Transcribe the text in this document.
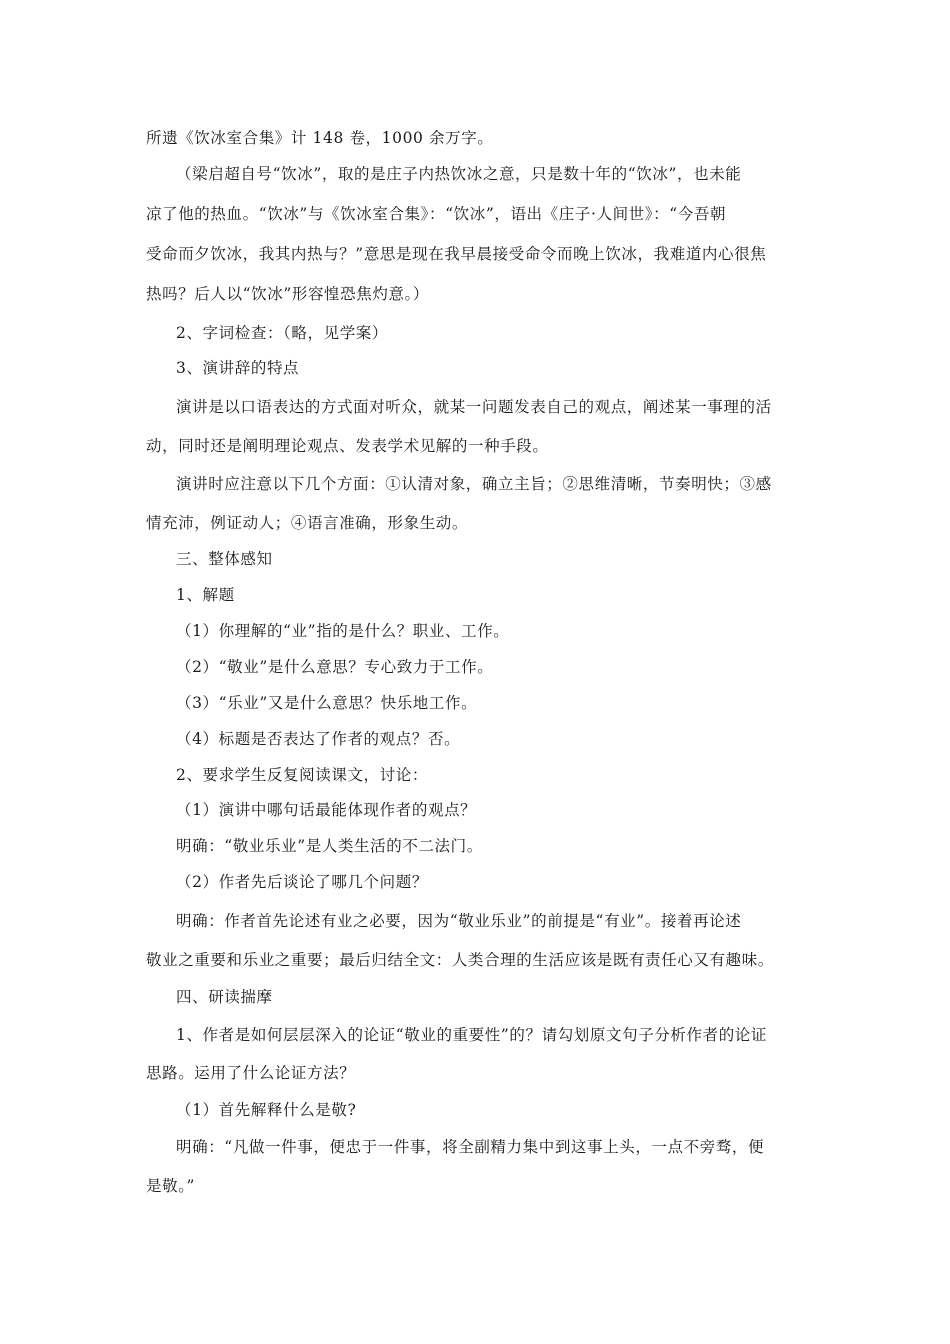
所遗《饮冰室合集》计 148 卷，1000 余万字。
（梁启超自号“饮冰”，取的是庄子内热饮冰之意，只是数十年的“饮冰”，也未能
凉了他的热血。“饮冰”与《饮冰室合集》：“饮冰”，语出《庄子·人间世》：“今吾朝
受命而夕饮冰，我其内热与？”意思是现在我早晨接受命令而晚上饮冰，我难道内心很焦
热吗？后人以“饮冰”形容惶恐焦灼意。）
2、字词检查：（略，见学案）
3、演讲辞的特点
演讲是以口语表达的方式面对听众，就某一问题发表自己的观点，阐述某一事理的活
动，同时还是阐明理论观点、发表学术见解的一种手段。
演讲时应注意以下几个方面：①认清对象，确立主旨；②思维清晰，节奏明快；③感
情充沛，例证动人；④语言准确，形象生动。
三、整体感知
1、解题
（1）你理解的“业”指的是什么？职业、工作。
（2）“敬业”是什么意思？专心致力于工作。
（3）“乐业”又是什么意思？快乐地工作。
（4）标题是否表达了作者的观点？否。
2、要求学生反复阅读课文，讨论：
（1）演讲中哪句话最能体现作者的观点？
明确：“敬业乐业”是人类生活的不二法门。
（2）作者先后谈论了哪几个问题？
明确：作者首先论述有业之必要，因为“敬业乐业”的前提是“有业”。接着再论述
敬业之重要和乐业之重要；最后归结全文：人类合理的生活应该是既有责任心又有趣味。
四、研读揣摩
1、作者是如何层层深入的论证“敬业的重要性”的？请勾划原文句子分析作者的论证
思路。运用了什么论证方法？
（1）首先解释什么是敬?
明确：“凡做一件事，便忠于一件事，将全副精力集中到这事上头，一点不旁骛，便
是敬。”
